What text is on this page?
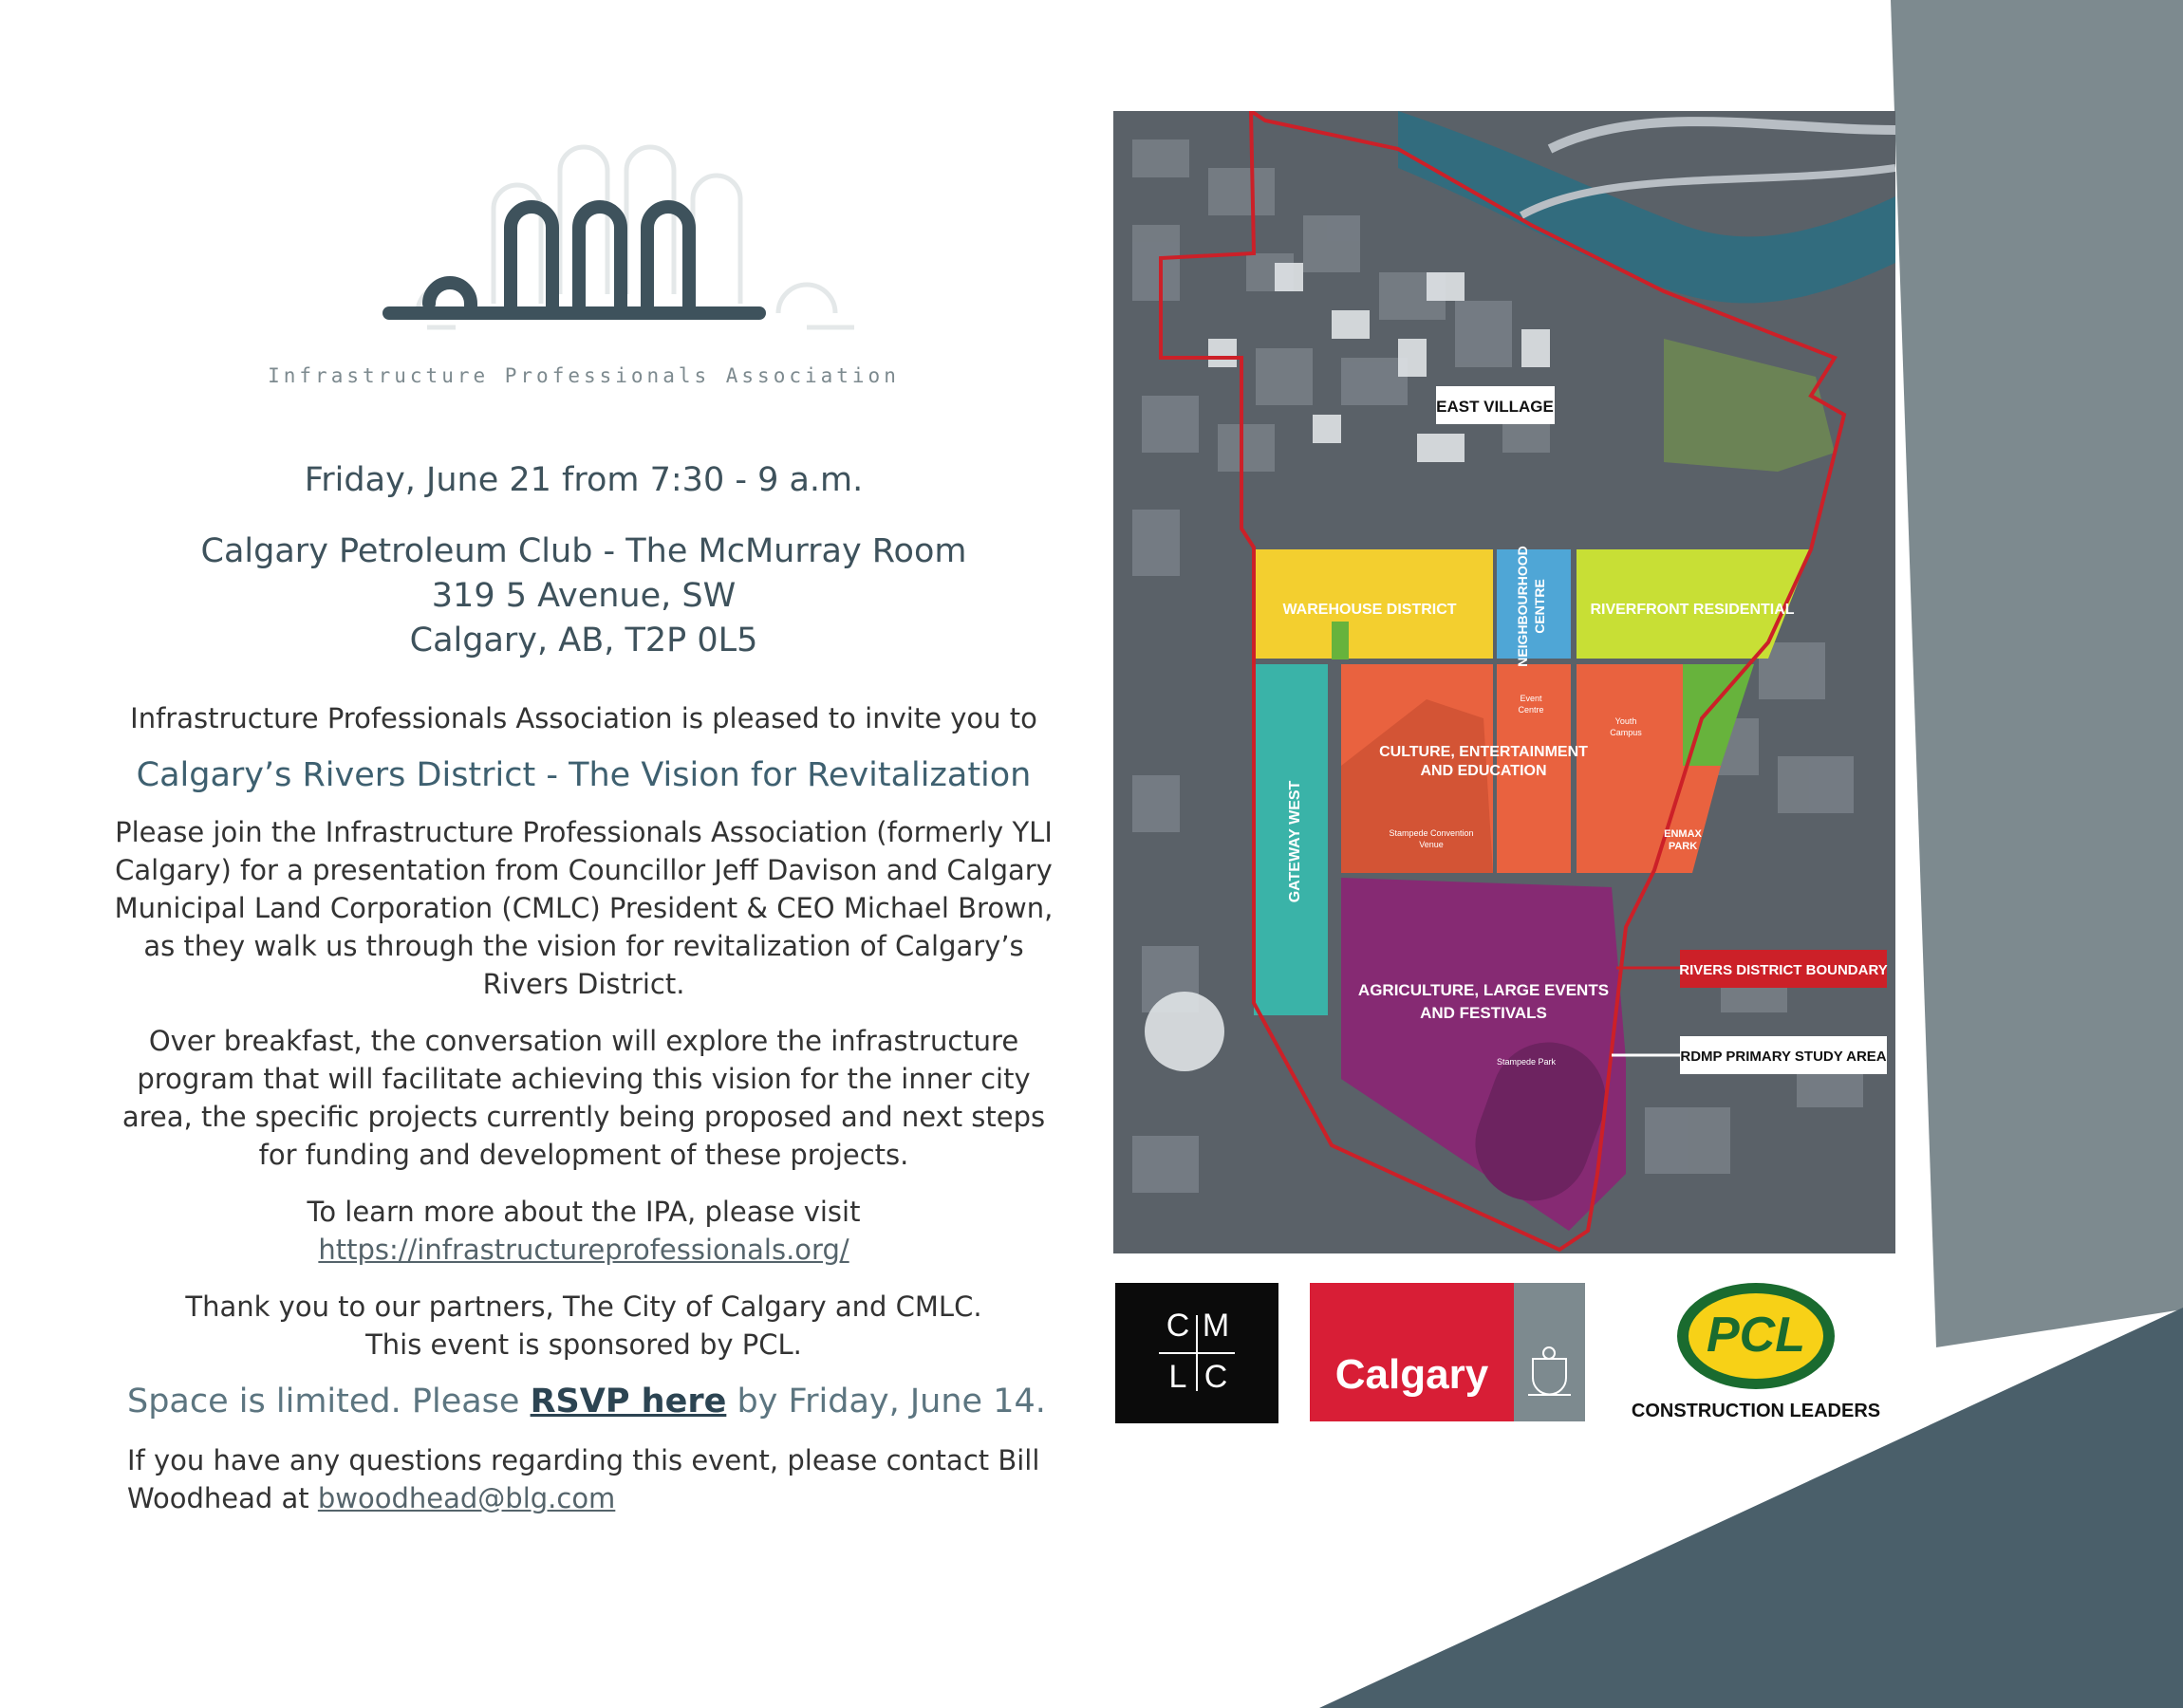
Infrastructure Professionals Association
Friday, June 21 from 7:30 - 9 a.m.
Calgary Petroleum Club - The McMurray Room
319 5 Avenue, SW
Calgary, AB, T2P 0L5

Infrastructure Professionals Association is pleased to invite you to

Calgary’s Rivers District - The Vision for Revitalization

Please join the Infrastructure Professionals Association (formerly YLI Calgary) for a presentation from Councillor Jeff Davison and Calgary Municipal Land Corporation (CMLC) President & CEO Michael Brown, as they walk us through the vision for revitalization of Calgary’s Rivers District.

Over breakfast, the conversation will explore the infrastructure program that will facilitate achieving this vision for the inner city area, the specific projects currently being proposed and next steps for funding and development of these projects.

To learn more about the IPA, please visit
https://infrastructureprofessionals.org/

Thank you to our partners, The City of Calgary and CMLC.
This event is sponsored by PCL.

Space is limited. Please RSVP here by Friday, June 14.
If you have any questions regarding this event, please contact Bill Woodhead at bwoodhead@blg.com
EAST VILLAGE
WAREHOUSE DISTRICT	RIVERFRONT RESIDENTIAL
NEIGHBOURHOOD CENTRE
GATEWAY WEST
CULTURE, ENTERTAINMENT
AND EDUCATION
AGRICULTURE, LARGE EVENTS
AND FESTIVALS
ENMAX
PARK
Event
Centre
Youth
Campus
Stampede Convention
Venue
Stampede Park
RIVERS DISTRICT BOUNDARY
RDMP PRIMARY STUDY AREA
C M
L C	Calgary
PCL
CONSTRUCTION LEADERS
